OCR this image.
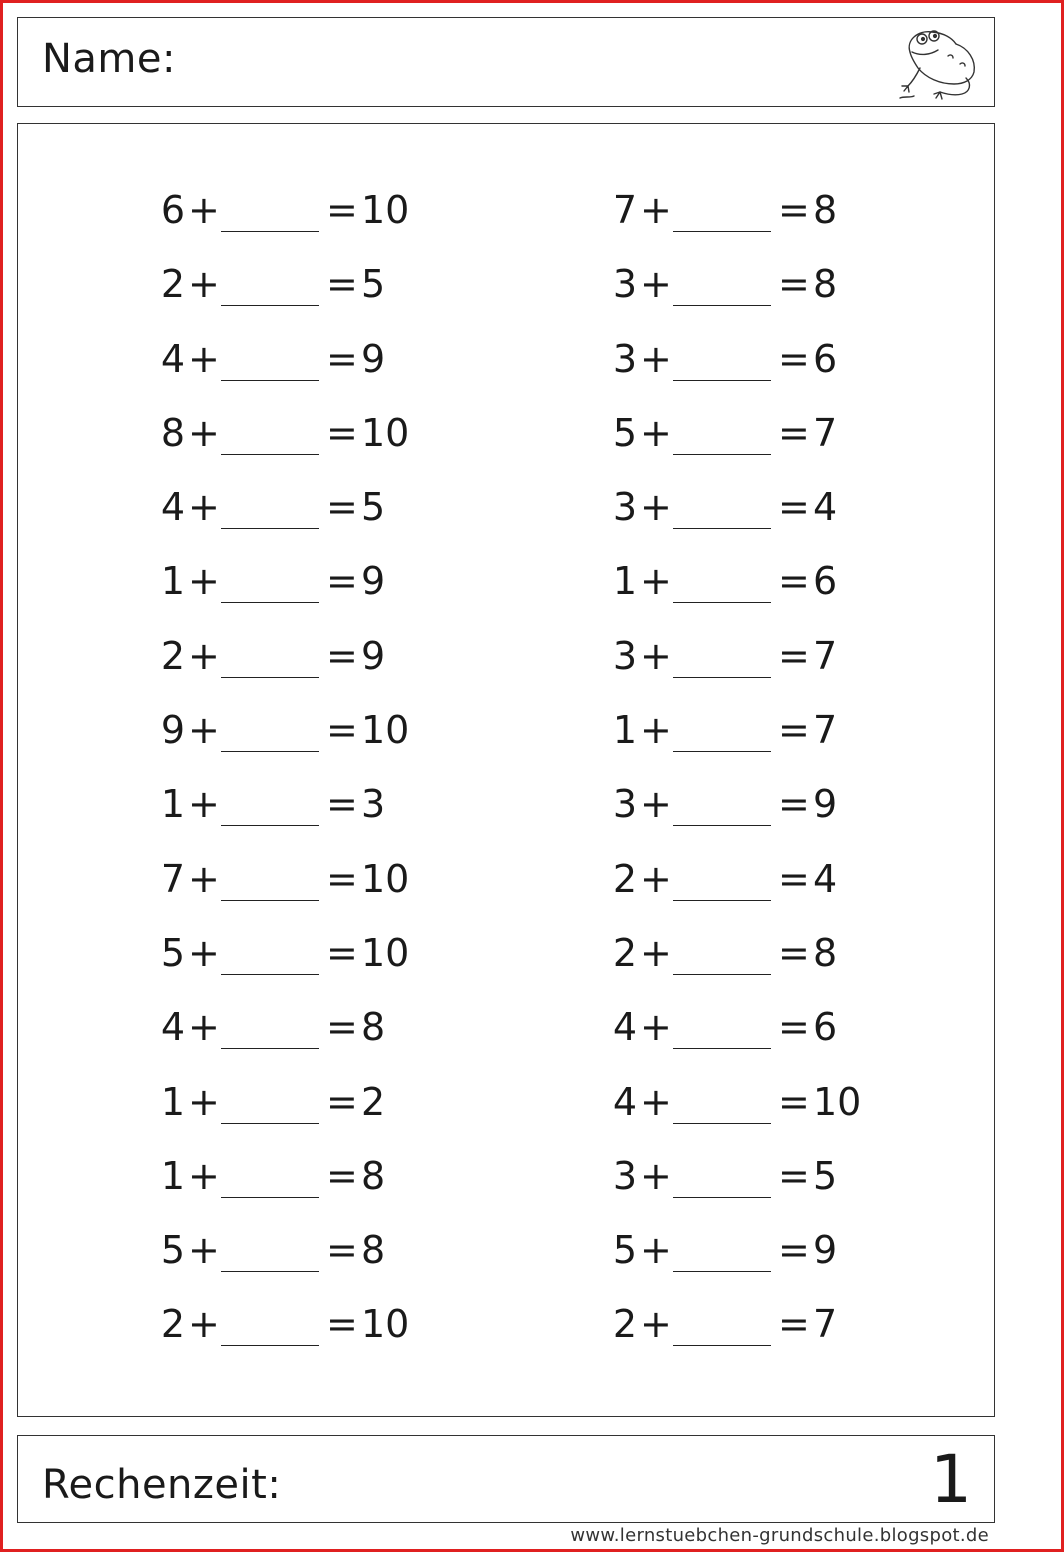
Name:
6 +	= 10
2 +	= 5
4 +	= 9
8 +	= 10
4 +	= 5
1 +	= 9
2 +	= 9
9 +	= 10
1 +	= 3
7 +	= 10
5 +	= 10
4 +	= 8
1 +	= 2
1 +	= 8
5 +	= 8
2 +	= 10
7 +	= 8
3 +	= 8
3 +	= 6
5 +	= 7
3 +	= 4
1 +	= 6
3 +	= 7
1 +	= 7
3 +	= 9
2 +	= 4
2 +	= 8
4 +	= 6
4 +	= 10
3 +	= 5
5 +	= 9
2 +	= 7
Rechenzeit:	1
www.lernstuebchen-grundschule.blogspot.de
